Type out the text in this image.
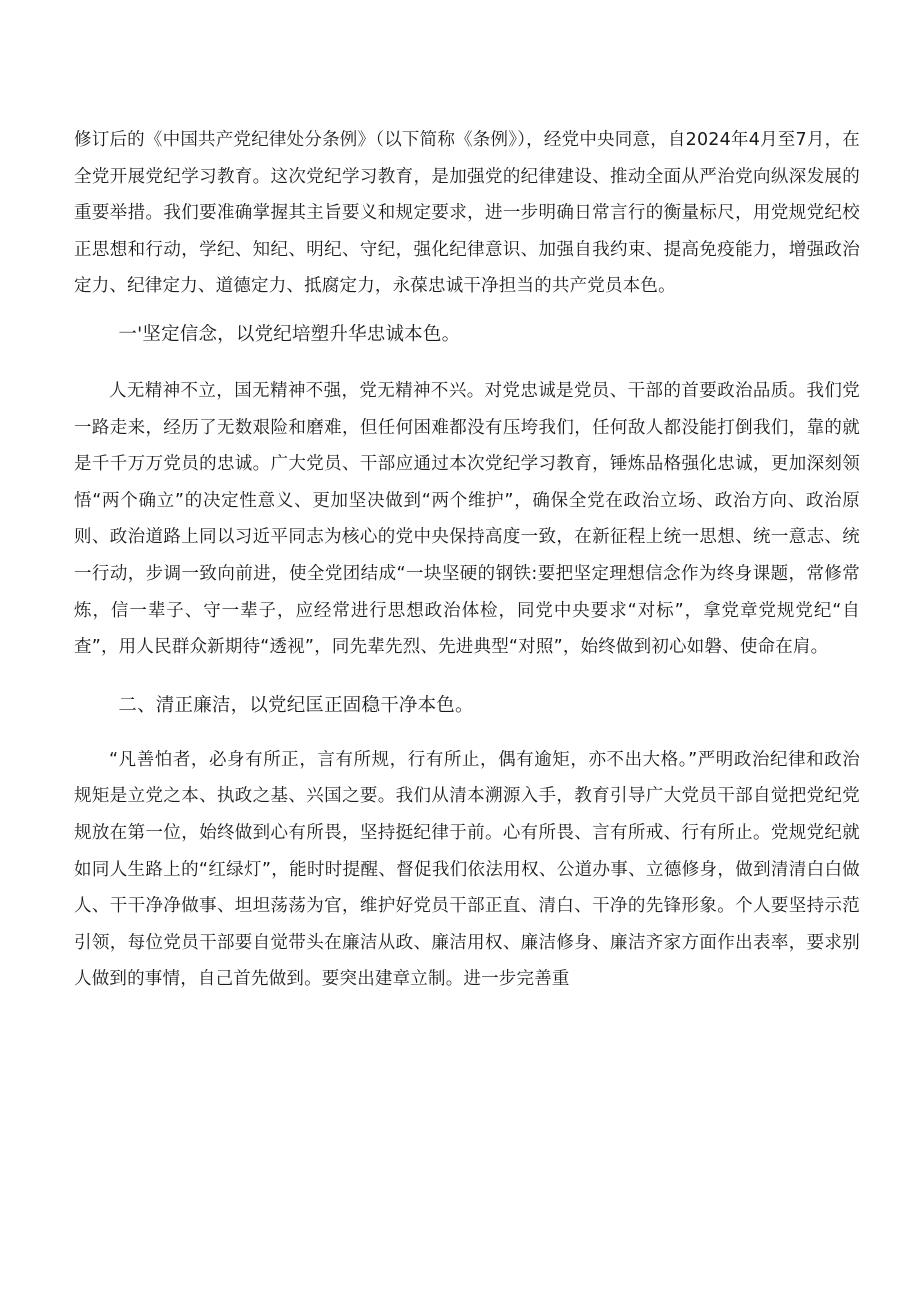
修订后的《中国共产党纪律处分条例》（以下简称《条例》），经党中央同意，自2024年4月至7月，在全党开展党纪学习教育。这次党纪学习教育，是加强党的纪律建设、推动全面从严治党向纵深发展的重要举措。我们要准确掌握其主旨要义和规定要求，进一步明确日常言行的衡量标尺，用党规党纪校正思想和行动，学纪、知纪、明纪、守纪，强化纪律意识、加强自我约束、提高免疫能力，增强政治定力、纪律定力、道德定力、抵腐定力，永葆忠诚干净担当的共产党员本色。

一'坚定信念，以党纪培塑升华忠诚本色。

人无精神不立，国无精神不强，党无精神不兴。对党忠诚是党员、干部的首要政治品质。我们党一路走来，经历了无数艰险和磨难，但任何困难都没有压垮我们，任何敌人都没能打倒我们，靠的就是千千万万党员的忠诚。广大党员、干部应通过本次党纪学习教育，锤炼品格强化忠诚，更加深刻领悟“两个确立”的决定性意义、更加坚决做到“两个维护”，确保全党在政治立场、政治方向、政治原则、政治道路上同以习近平同志为核心的党中央保持高度一致，在新征程上统一思想、统一意志、统一行动，步调一致向前进，使全党团结成“一块坚硬的钢铁:要把坚定理想信念作为终身课题，常修常炼，信一辈子、守一辈子，应经常进行思想政治体检，同党中央要求“对标”，拿党章党规党纪“自查”，用人民群众新期待“透视”，同先辈先烈、先进典型“对照”，始终做到初心如磐、使命在肩。

二、清正廉洁，以党纪匡正固稳干净本色。

“凡善怕者，必身有所正，言有所规，行有所止，偶有逾矩，亦不出大格。”严明政治纪律和政治规矩是立党之本、执政之基、兴国之要。我们从清本溯源入手，教育引导广大党员干部自觉把党纪党规放在第一位，始终做到心有所畏，坚持挺纪律于前。心有所畏、言有所戒、行有所止。党规党纪就如同人生路上的“红绿灯”，能时时提醒、督促我们依法用权、公道办事、立德修身，做到清清白白做人、干干净净做事、坦坦荡荡为官，维护好党员干部正直、清白、干净的先锋形象。个人要坚持示范引领，每位党员干部要自觉带头在廉洁从政、廉洁用权、廉洁修身、廉洁齐家方面作出表率，要求别人做到的事情，自己首先做到。要突出建章立制。进一步完善重
